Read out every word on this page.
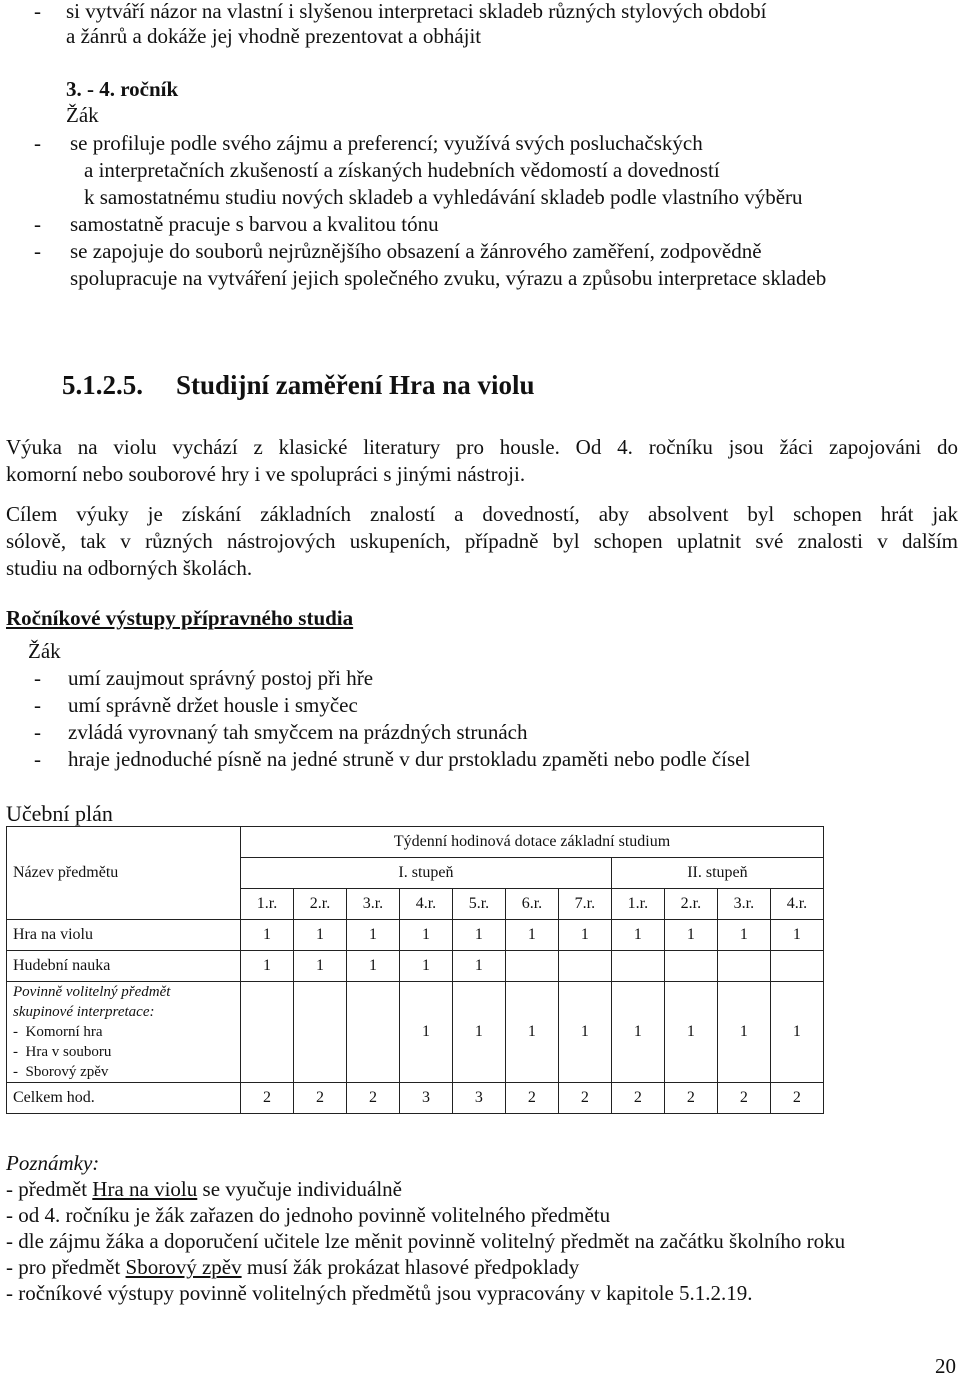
- si vytváří názor na vlastní i slyšenou interpretaci skladeb různých stylových období
a žánrů a dokáže jej vhodně prezentovat a obhájit
3. - 4. ročník
Žák
- se profiluje podle svého zájmu a preferencí; využívá svých posluchačských
a interpretačních zkušeností a získaných hudebních vědomostí a dovedností
k samostatnému studiu nových skladeb a vyhledávání skladeb podle vlastního výběru
- samostatně pracuje s barvou a kvalitou tónu
- se zapojuje do souborů nejrůznějšího obsazení a žánrového zaměření, zodpovědně
spolupracuje na vytváření jejich společného zvuku, výrazu a způsobu interpretace skladeb
5.1.2.5. Studijní zaměření Hra na violu
Výuka na violu vychází z klasické literatury pro housle. Od 4. ročníku jsou žáci zapojováni do
komorní nebo souborové hry i ve spolupráci s jinými nástroji.
Cílem výuky je získání základních znalostí a dovedností, aby absolvent byl schopen hrát jak
sólově, tak v různých nástrojových uskupeních, případně byl schopen uplatnit své znalosti v dalším
studiu na odborných školách.
Ročníkové výstupy přípravného studia
Žák
- umí zaujmout správný postoj při hře
- umí správně držet housle i smyčec
- zvládá vyrovnaný tah smyčcem na prázdných strunách
- hraje jednoduché písně na jedné struně v dur prstokladu zpaměti nebo podle čísel
Učební plán
Název předmětu	Týdenní hodinová dotace základní studium										
	I. stupeň							II. stupeň			
	1.r.	2.r.	3.r.	4.r.	5.r.	6.r.	7.r.	1.r.	2.r.	3.r.	4.r.
Hra na violu	1	1	1	1	1	1	1	1	1	1	1
Hudební nauka	1	1	1	1	1						

Povinně volitelný předmět
skupinové interpretace:
-  Komorní hra
-  Hra v souboru
-  Sborový zpěv				1	1	1	1	1	1	1	1
Celkem hod.	2	2	2	3	3	2	2	2	2	2	2
Poznámky:
- předmět Hra na violu se vyučuje individuálně
- od 4. ročníku je žák zařazen do jednoho povinně volitelného předmětu
- dle zájmu žáka a doporučení učitele lze měnit povinně volitelný předmět na začátku školního roku
- pro předmět Sborový zpěv musí žák prokázat hlasové předpoklady
- ročníkové výstupy povinně volitelných předmětů jsou vypracovány v kapitole 5.1.2.19.
20
